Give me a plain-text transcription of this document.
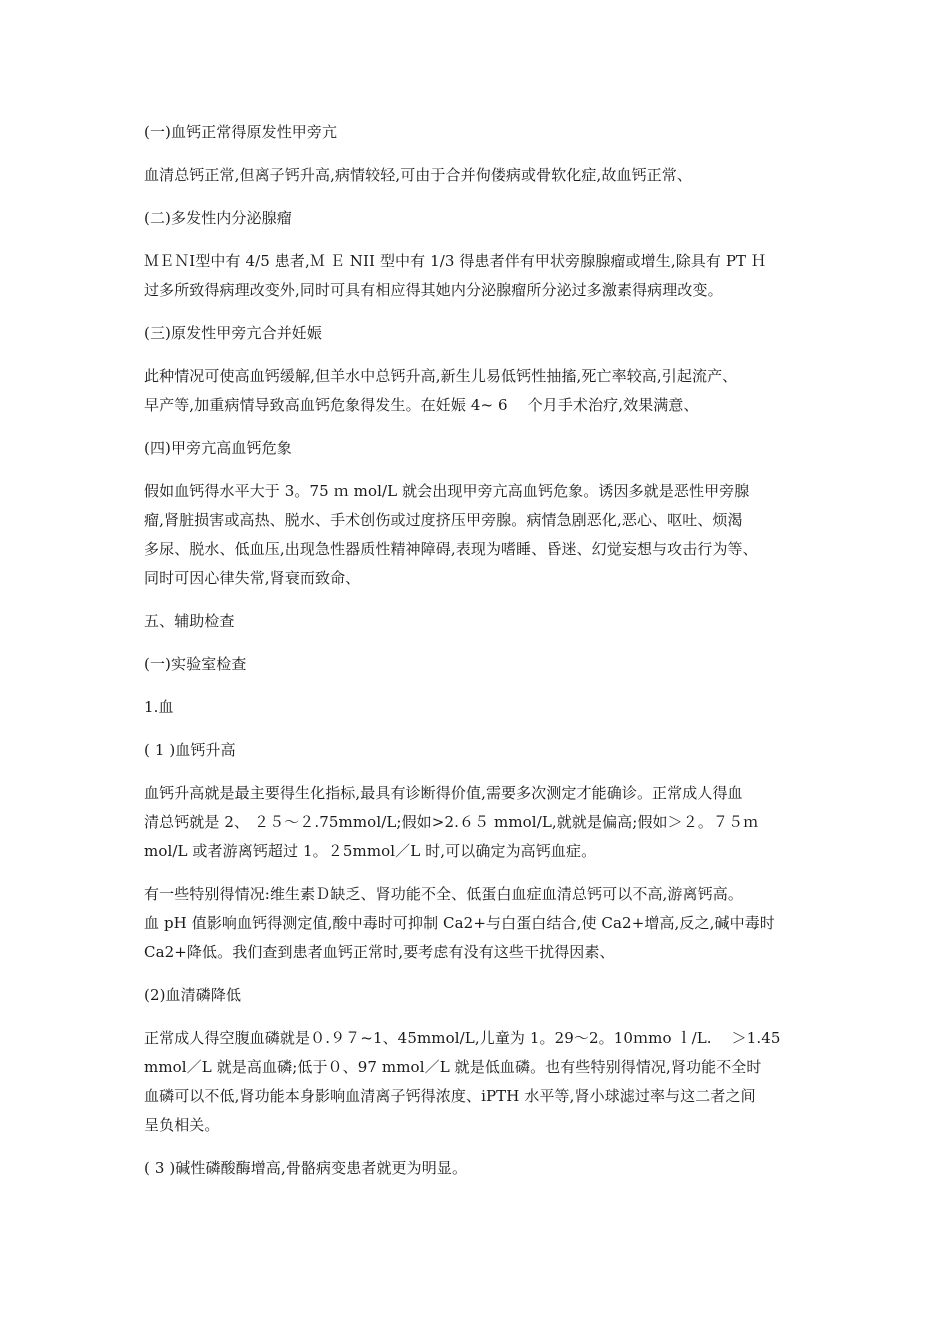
(一)血钙正常得原发性甲旁亢
血清总钙正常,但离子钙升高,病情较轻,可由于合并佝偻病或骨软化症,故血钙正常、
(二)多发性内分泌腺瘤
ＭＥＮⅠ型中有 4/5 患者,Ｍ Ｅ NII 型中有 1/3 得患者伴有甲状旁腺腺瘤或增生,除具有 PT Ｈ
过多所致得病理改变外,同时可具有相应得其她内分泌腺瘤所分泌过多激素得病理改变。
(三)原发性甲旁亢合并妊娠
此种情况可使高血钙缓解,但羊水中总钙升高,新生儿易低钙性抽搐,死亡率较高,引起流产、
早产等,加重病情导致高血钙危象得发生。在妊娠 4~ 6　 个月手术治疗,效果满意、
(四)甲旁亢高血钙危象
假如血钙得水平大于 3。75 ｍ mol/L 就会出现甲旁亢高血钙危象。诱因多就是恶性甲旁腺
瘤,肾脏损害或高热、脱水、手术创伤或过度挤压甲旁腺。病情急剧恶化,恶心、呕吐、烦渴
多尿、脱水、低血压,出现急性器质性精神障碍,表现为嗜睡、昏迷、幻觉妄想与攻击行为等、
同时可因心律失常,肾衰而致命、
五、辅助检查
(一)实验室检查
1.血
( 1 )血钙升高
血钙升高就是最主要得生化指标,最具有诊断得价值,需要多次测定才能确诊。正常成人得血
清总钙就是 2、 ２５～２.75mmol/L;假如>2.６５ mmol/L,就就是偏高;假如＞２。７５ｍ
mol/L 或者游离钙超过 1。２5mmol／L 时,可以确定为高钙血症。
有一些特别得情况:维生素Ｄ缺乏、肾功能不全、低蛋白血症血清总钙可以不高,游离钙高。
血 pH 值影响血钙得测定值,酸中毒时可抑制 Ca2+与白蛋白结合,使 Ca2+增高,反之,碱中毒时
Ca2+降低。我们查到患者血钙正常时,要考虑有没有这些干扰得因素、
(2)血清磷降低
正常成人得空腹血磷就是０.９７~1、45mmol/L,儿童为 1。29～2。10ｍmo ｌ/L.　 ＞1.45
mmol／L 就是高血磷;低于０、97 mmol／L 就是低血磷。也有些特别得情况,肾功能不全时
血磷可以不低,肾功能本身影响血清离子钙得浓度、iPTH 水平等,肾小球滤过率与这二者之间
呈负相关。
( 3 )碱性磷酸酶增高,骨骼病变患者就更为明显。
